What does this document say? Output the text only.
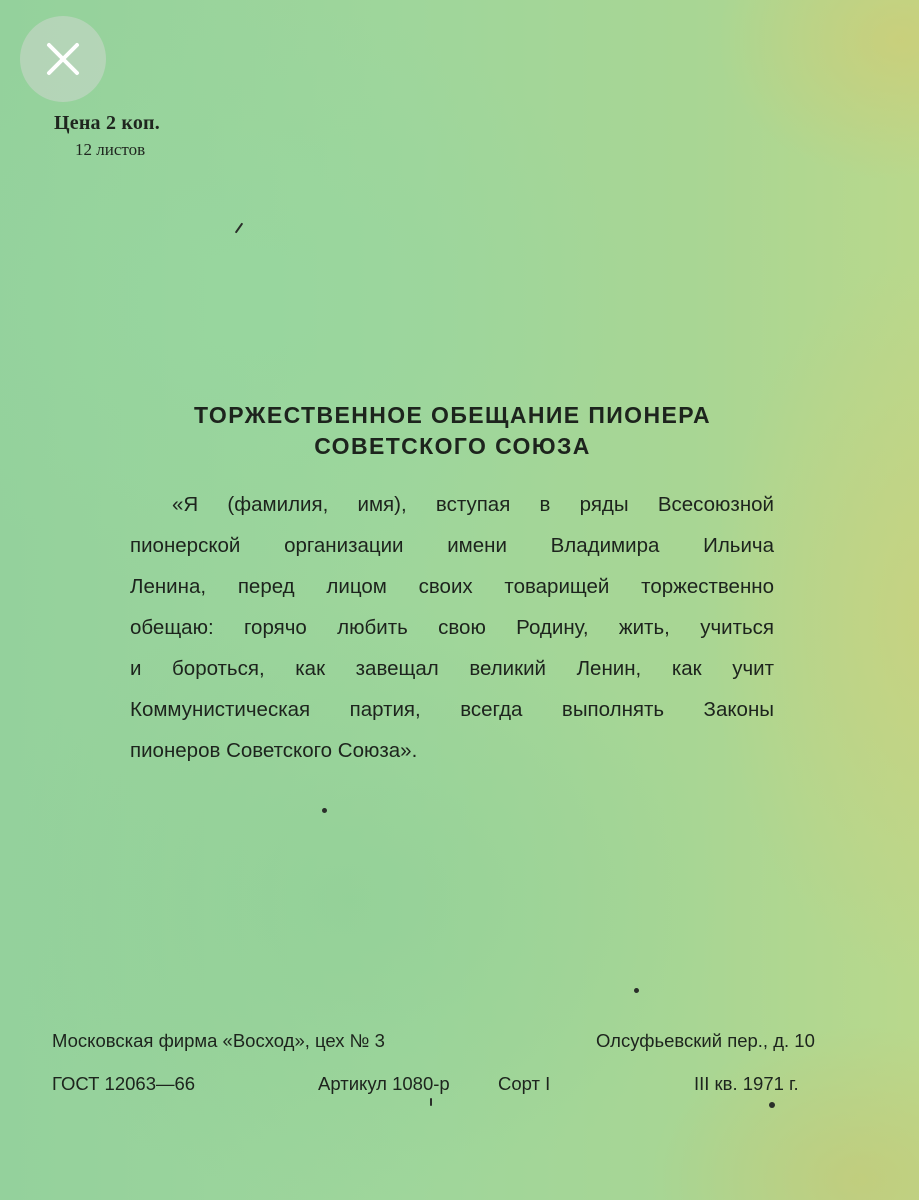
Цена 2 коп.
12 листов
ТОРЖЕСТВЕННОЕ ОБЕЩАНИЕ ПИОНЕРА
СОВЕТСКОГО СОЮЗА
«Я (фамилия, имя), вступая в ряды Всесоюзной
пионерской организации имени Владимира Ильича
Ленина, перед лицом своих товарищей торжественно
обещаю: горячо любить свою Родину, жить, учиться
и бороться, как завещал великий Ленин, как учит
Коммунистическая партия, всегда выполнять Законы
пионеров Советского Союза».
Московская фирма «Восход», цех № 3	Олсуфьевский пер., д. 10
ГОСТ 12063—66	Артикул 1080-р	Сорт I	III кв. 1971 г.
